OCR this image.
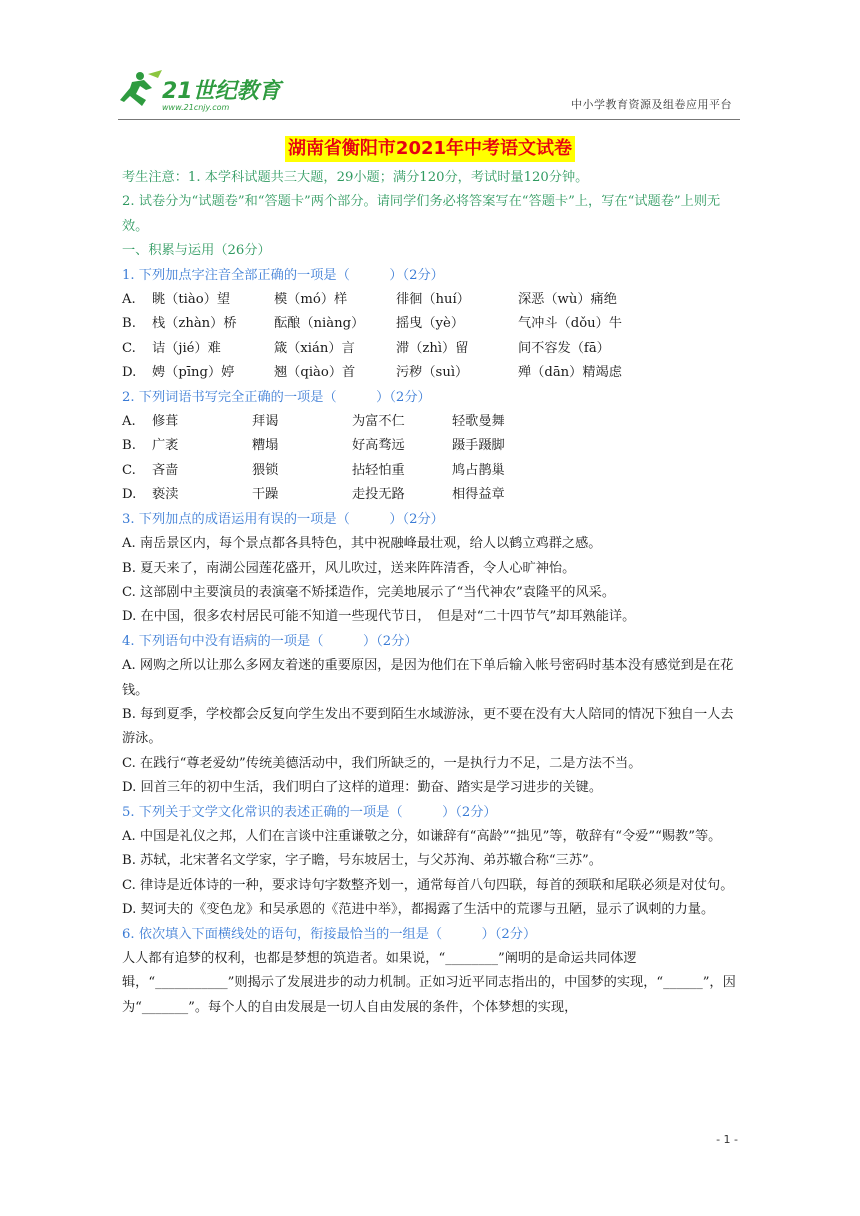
21世纪教育
www.21cnjy.com	中小学教育资源及组卷应用平台
湖南省衡阳市2021年中考语文试卷

考生注意：1. 本学科试题共三大题，29小题；满分120分，考试时量120分钟。

2. 试卷分为“试题卷”和“答题卡”两个部分。请同学们务必将答案写在“答题卡”上，写在“试题卷”上则无效。

一、积累与运用（26分）

1. 下列加点字注音全部正确的一项是（　　　）（2分）

A.	眺（tiào）望	模（mó）样	徘徊（huí）	深恶（wù）痛绝
B.	栈（zhàn）桥	酝酿（niàng）	摇曳（yè）	气冲斗（dǒu）牛
C.	诘（jié）难	箴（xián）言	滞（zhì）留	间不容发（fā）
D.	娉（pīng）婷	翘（qiào）首	污秽（suì）	殚（dān）精竭虑

2. 下列词语书写完全正确的一项是（　　　）（2分）

A.	修葺	拜谒	为富不仁	轻歌曼舞
B.	广袤	糟塌	好高骛远	蹑手蹑脚
C.	吝啬	猥锁	拈轻怕重	鸠占鹊巢
D.	亵渎	干躁	走投无路	相得益章

3. 下列加点的成语运用有误的一项是（　　　）（2分）

A. 南岳景区内，每个景点都各具特色，其中祝融峰最壮观，给人以鹤立鸡群之感。

B. 夏天来了，南湖公园莲花盛开，风儿吹过，送来阵阵清香，令人心旷神怡。

C. 这部剧中主要演员的表演毫不矫揉造作，完美地展示了“当代神农”袁隆平的风采。

D. 在中国，很多农村居民可能不知道一些现代节日，　但是对“二十四节气”却耳熟能详。

4. 下列语句中没有语病的一项是（　　　）（2分）

A. 网购之所以让那么多网友着迷的重要原因，是因为他们在下单后输入帐号密码时基本没有感觉到是在花钱。

B. 每到夏季，学校都会反复向学生发出不要到陌生水域游泳，更不要在没有大人陪同的情况下独自一人去游泳。

C. 在践行“尊老爱幼”传统美德活动中，我们所缺乏的，一是执行力不足，二是方法不当。

D. 回首三年的初中生活，我们明白了这样的道理：勤奋、踏实是学习进步的关键。

5. 下列关于文学文化常识的表述正确的一项是（　　　）（2分）

A. 中国是礼仪之邦，人们在言谈中注重谦敬之分，如谦辞有“高龄”“拙见”等，敬辞有“令爱”“赐教”等。

B. 苏轼，北宋著名文学家，字子瞻，号东坡居士，与父苏洵、弟苏辙合称“三苏”。

C. 律诗是近体诗的一种，要求诗句字数整齐划一，通常每首八句四联，每首的颈联和尾联必须是对仗句。

D. 契诃夫的《变色龙》和吴承恩的《范进中举》，都揭露了生活中的荒谬与丑陋，显示了讽刺的力量。

6. 依次填入下面横线处的语句，衔接最恰当的一组是（　　　）（2分）

人人都有追梦的权利，也都是梦想的筑造者。如果说，“________”阐明的是命运共同体逻辑，“___________”则揭示了发展进步的动力机制。正如习近平同志指出的，中国梦的实现，“______”，因为“_______”。每个人的自由发展是一切人自由发展的条件，个体梦想的实现，

- 1 -
